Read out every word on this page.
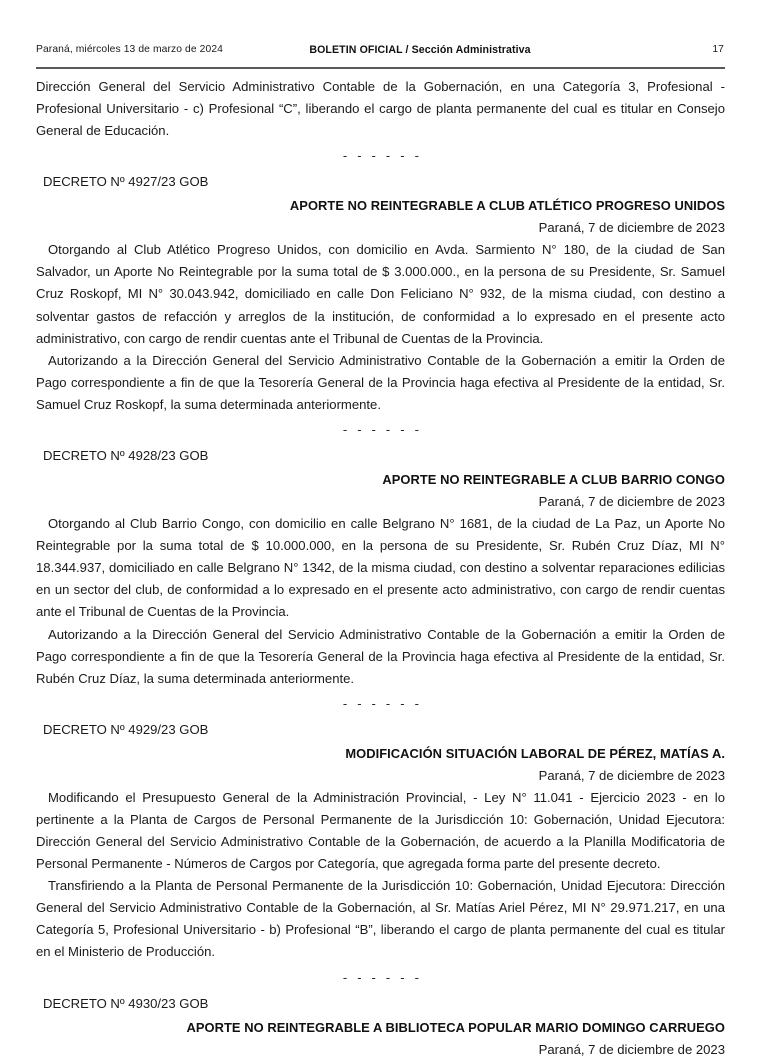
Paraná, miércoles 13 de marzo de 2024	BOLETIN OFICIAL / Sección Administrativa	17

Dirección General del Servicio Administrativo Contable de la Gobernación, en una Categoría 3, Profesional - Profesional Universitario - c) Profesional “C”, liberando el cargo de planta permanente del cual es titular en Consejo General de Educación.

- - - - - -

DECRETO Nº 4927/23 GOB

APORTE NO REINTEGRABLE A CLUB ATLÉTICO PROGRESO UNIDOS

Paraná, 7 de diciembre de 2023

Otorgando al Club Atlético Progreso Unidos, con domicilio en Avda. Sarmiento N° 180, de la ciudad de San Salvador, un Aporte No Reintegrable por la suma total de $ 3.000.000., en la persona de su Presidente, Sr. Samuel Cruz Roskopf, MI N° 30.043.942, domiciliado en calle Don Feliciano N° 932, de la misma ciudad, con destino a solventar gastos de refacción y arreglos de la institución, de conformidad a lo expresado en el presente acto administrativo, con cargo de rendir cuentas ante el Tribunal de Cuentas de la Provincia.

Autorizando a la Dirección General del Servicio Administrativo Contable de la Gobernación a emitir la Orden de Pago correspondiente a fin de que la Tesorería General de la Provincia haga efectiva al Presidente de la entidad, Sr. Samuel Cruz Roskopf, la suma determinada anteriormente.

- - - - - -

DECRETO Nº 4928/23 GOB

APORTE NO REINTEGRABLE A CLUB BARRIO CONGO

Paraná, 7 de diciembre de 2023

Otorgando al Club Barrio Congo, con domicilio en calle Belgrano N° 1681, de la ciudad de La Paz, un Aporte No Reintegrable por la suma total de $ 10.000.000, en la persona de su Presidente, Sr. Rubén Cruz Díaz, MI N° 18.344.937, domiciliado en calle Belgrano N° 1342, de la misma ciudad, con destino a solventar reparaciones edilicias en un sector del club, de conformidad a lo expresado en el presente acto administrativo, con cargo de rendir cuentas ante el Tribunal de Cuentas de la Provincia.

Autorizando a la Dirección General del Servicio Administrativo Contable de la Gobernación a emitir la Orden de Pago correspondiente a fin de que la Tesorería General de la Provincia haga efectiva al Presidente de la entidad, Sr. Rubén Cruz Díaz, la suma determinada anteriormente.

- - - - - -

DECRETO Nº 4929/23 GOB

MODIFICACIÓN SITUACIÓN LABORAL DE PÉREZ, MATÍAS A.

Paraná, 7 de diciembre de 2023

Modificando el Presupuesto General de la Administración Provincial, - Ley N° 11.041 - Ejercicio 2023 - en lo pertinente a la Planta de Cargos de Personal Permanente de la Jurisdicción 10: Gobernación, Unidad Ejecutora: Dirección General del Servicio Administrativo Contable de la Gobernación, de acuerdo a la Planilla Modificatoria de Personal Permanente - Números de Cargos por Categoría, que agregada forma parte del presente decreto.

Transfiriendo a la Planta de Personal Permanente de la Jurisdicción 10: Gobernación, Unidad Ejecutora: Dirección General del Servicio Administrativo Contable de la Gobernación, al Sr. Matías Ariel Pérez, MI N° 29.971.217, en una Categoría 5, Profesional Universitario - b) Profesional “B”, liberando el cargo de planta permanente del cual es titular en el Ministerio de Producción.

- - - - - -

DECRETO Nº 4930/23 GOB

APORTE NO REINTEGRABLE A BIBLIOTECA POPULAR MARIO DOMINGO CARRUEGO

Paraná, 7 de diciembre de 2023
